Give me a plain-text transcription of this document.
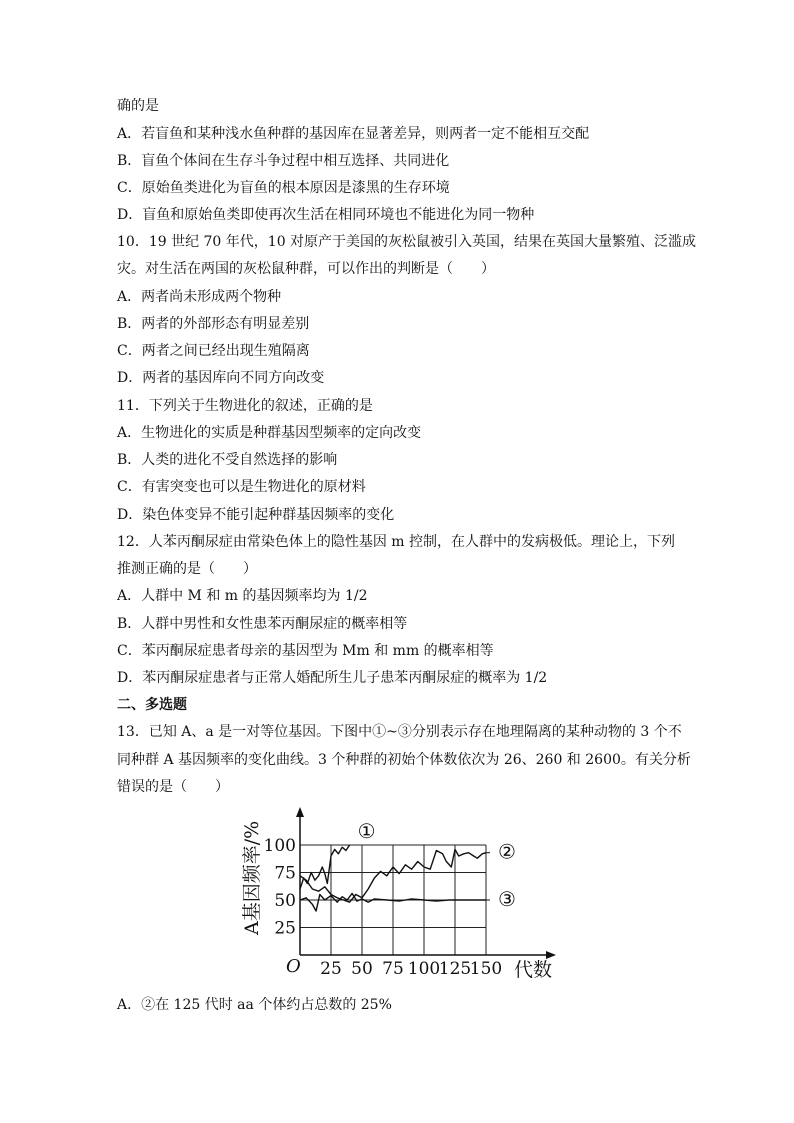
确的是
A．若盲鱼和某种浅水鱼种群的基因库在显著差异，则两者一定不能相互交配
B．盲鱼个体间在生存斗争过程中相互选择、共同进化
C．原始鱼类进化为盲鱼的根本原因是漆黑的生存环境
D．盲鱼和原始鱼类即使再次生活在相同环境也不能进化为同一物种
10．19 世纪 70 年代，10 对原产于美国的灰松鼠被引入英国，结果在英国大量繁殖、泛滥成
灾。对生活在两国的灰松鼠种群，可以作出的判断是（　　）
A．两者尚未形成两个物种
B．两者的外部形态有明显差别
C．两者之间已经出现生殖隔离
D．两者的基因库向不同方向改变
11．下列关于生物进化的叙述，正确的是
A．生物进化的实质是种群基因型频率的定向改变
B．人类的进化不受自然选择的影响
C．有害突变也可以是生物进化的原材料
D．染色体变异不能引起种群基因频率的变化
12．人苯丙酮尿症由常染色体上的隐性基因 m 控制，在人群中的发病极低。理论上，下列
推测正确的是（　　）
A．人群中 M 和 m 的基因频率均为 1/2
B．人群中男性和女性患苯丙酮尿症的概率相等
C．苯丙酮尿症患者母亲的基因型为 Mm 和 mm 的概率相等
D．苯丙酮尿症患者与正常人婚配所生儿子患苯丙酮尿症的概率为 1/2
二、多选题
13．已知 A、a 是一对等位基因。下图中①~③分别表示存在地理隔离的某种动物的 3 个不
同种群 A 基因频率的变化曲线。3 个种群的初始个体数依次为 26、260 和 2600。有关分析
错误的是（　　）
A．②在 125 代时 aa 个体约占总数的 25%
25 50 75 100
125
150
100
75
50
25
O
A基因频率/%
代数
①
②
③
